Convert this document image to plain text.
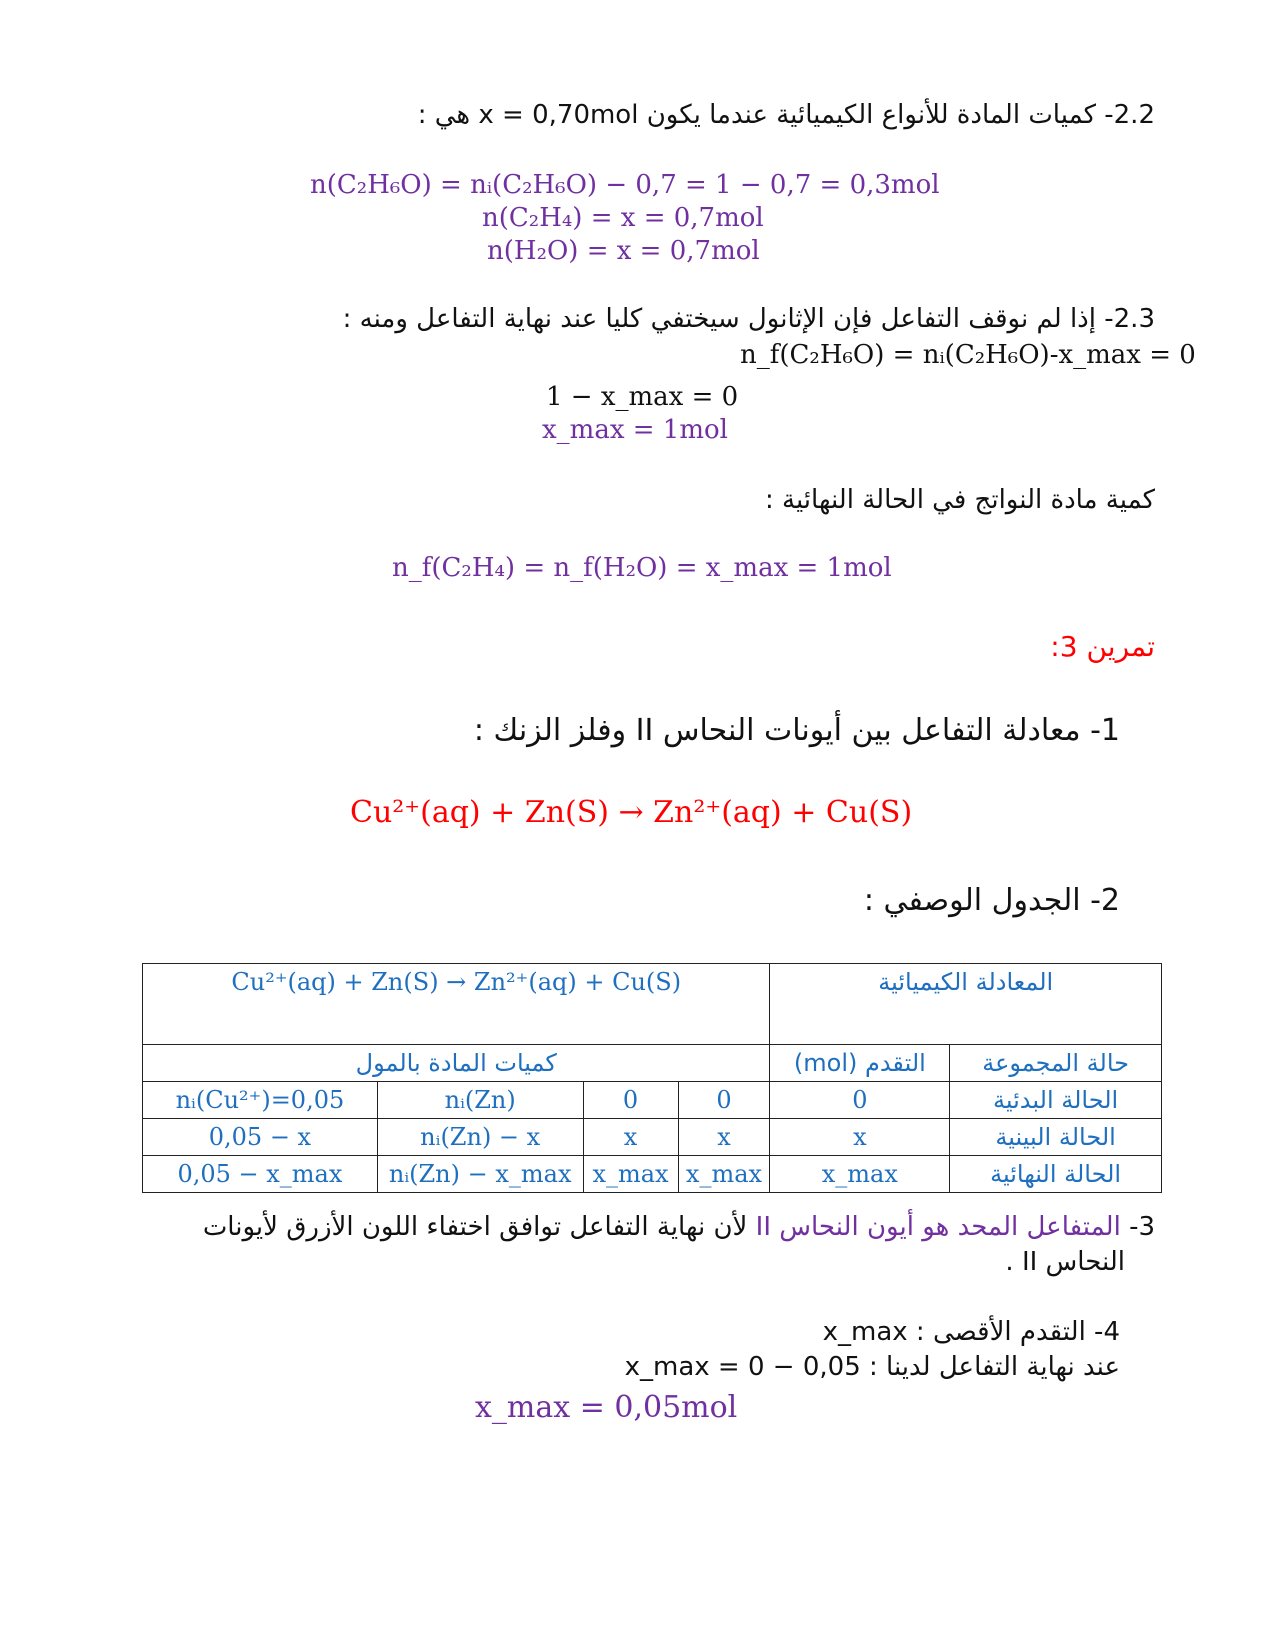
2.2- كميات المادة للأنواع الكيميائية عندما يكون x = 0,70mol هي :
n(C₂H₆O) = nᵢ(C₂H₆O) − 0,7 = 1 − 0,7 = 0,3mol
n(C₂H₄) = x = 0,7mol
n(H₂O) = x = 0,7mol
2.3- إذا لم نوقف التفاعل فإن الإثانول سيختفي كليا عند نهاية التفاعل ومنه :
n_f(C₂H₆O) = nᵢ(C₂H₆O)-x_max = 0
1 − x_max = 0
x_max = 1mol
كمية مادة النواتج في الحالة النهائية :
n_f(C₂H₄) = n_f(H₂O) = x_max = 1mol
تمرين 3:
1- معادلة التفاعل بين أيونات النحاس II وفلز الزنك :
Cu²⁺(aq) + Zn(S) → Zn²⁺(aq) + Cu(S)
2- الجدول الوصفي :
Cu²⁺(aq) + Zn(S) → Zn²⁺(aq) + Cu(S)				المعادلة الكيميائية	
كميات المادة بالمول				التقدم (mol)	حالة المجموعة
nᵢ(Cu²⁺)=0,05	nᵢ(Zn)	0	0	0	الحالة البدئية
0,05 − x	nᵢ(Zn) − x	x	x	x	الحالة البينية
0,05 − x_max	nᵢ(Zn) − x_max	x_max	x_max	x_max	الحالة النهائية
3- المتفاعل المحد هو أيون النحاس II لأن نهاية التفاعل توافق اختفاء اللون الأزرق لأيونات
النحاس II .
4- التقدم الأقصى : x_max
عند نهاية التفاعل لدينا : 0,05 − x_max = 0
x_max = 0,05mol
